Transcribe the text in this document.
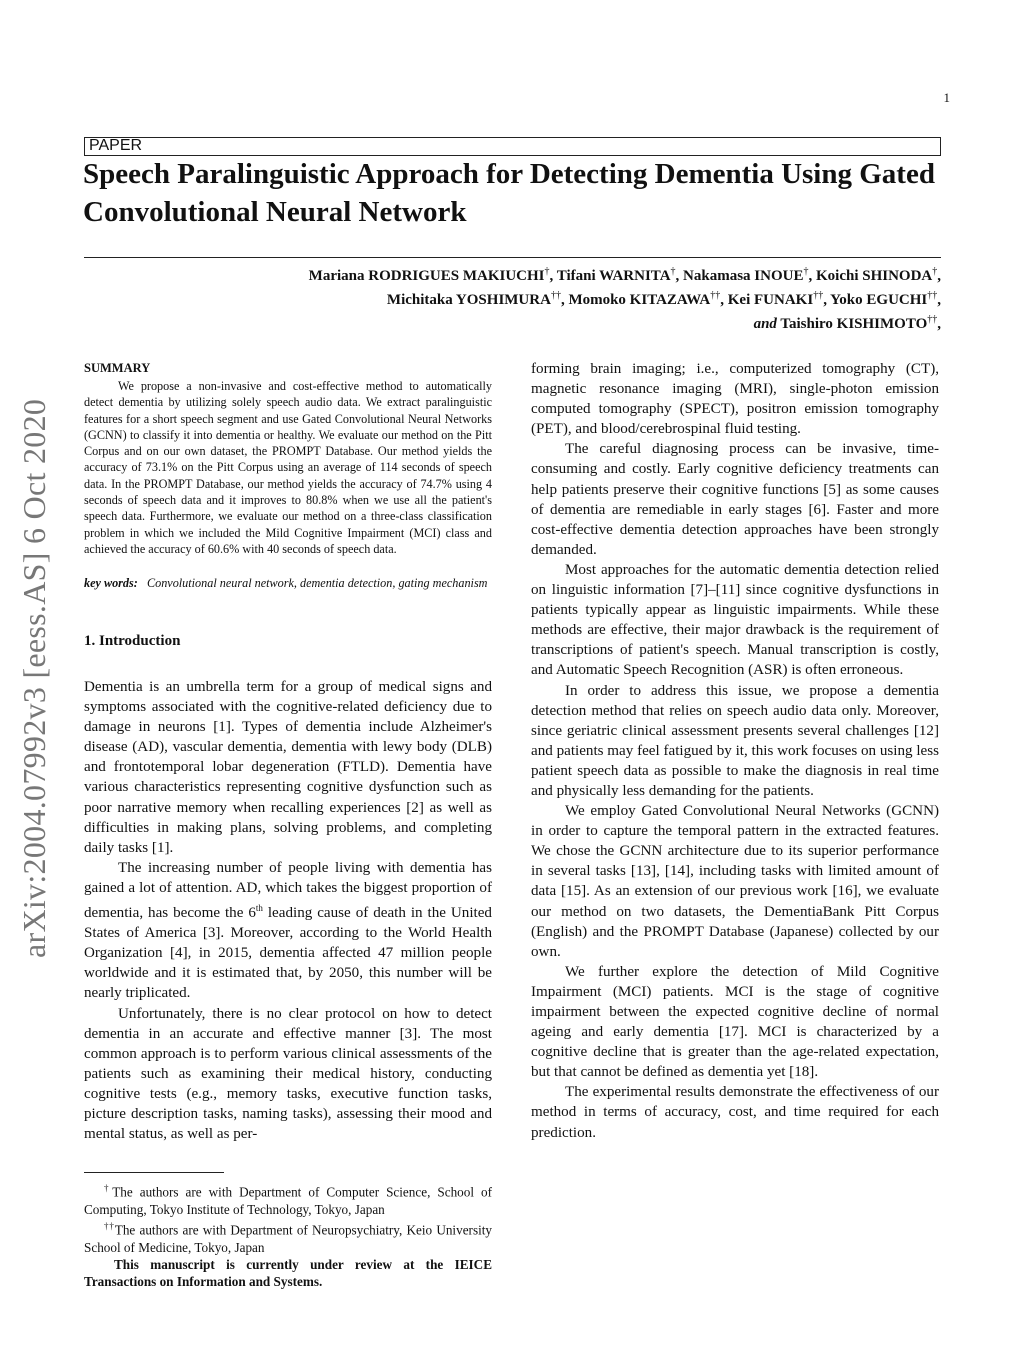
1
PAPER
Speech Paralinguistic Approach for Detecting Dementia Using Gated Convolutional Neural Network
Mariana RODRIGUES MAKIUCHI†, Tifani WARNITA†, Nakamasa INOUE†, Koichi SHINODA†,
Michitaka YOSHIMURA††, Momoko KITAZAWA††, Kei FUNAKI††, Yoko EGUCHI††,
and Taishiro KISHIMOTO††,
arXiv:2004.07992v3 [eess.AS] 6 Oct 2020
SUMMARY

We propose a non-invasive and cost-effective method to automatically detect dementia by utilizing solely speech audio data. We extract paralinguistic features for a short speech segment and use Gated Convolutional Neural Networks (GCNN) to classify it into dementia or healthy. We evaluate our method on the Pitt Corpus and on our own dataset, the PROMPT Database. Our method yields the accuracy of 73.1% on the Pitt Corpus using an average of 114 seconds of speech data. In the PROMPT Database, our method yields the accuracy of 74.7% using 4 seconds of speech data and it improves to 80.8% when we use all the patient's speech data. Furthermore, we evaluate our method on a three-class classification problem in which we included the Mild Cognitive Impairment (MCI) class and achieved the accuracy of 60.6% with 40 seconds of speech data.

key words: Convolutional neural network, dementia detection, gating mechanism
1. Introduction

Dementia is an umbrella term for a group of medical signs and symptoms associated with the cognitive-related deficiency due to damage in neurons [1]. Types of dementia include Alzheimer's disease (AD), vascular dementia, dementia with lewy body (DLB) and frontotemporal lobar degeneration (FTLD). Dementia have various characteristics representing cognitive dysfunction such as poor narrative memory when recalling experiences [2] as well as difficulties in making plans, solving problems, and completing daily tasks [1].

The increasing number of people living with dementia has gained a lot of attention. AD, which takes the biggest proportion of dementia, has become the 6th leading cause of death in the United States of America [3]. Moreover, according to the World Health Organization [4], in 2015, dementia affected 47 million people worldwide and it is estimated that, by 2050, this number will be nearly triplicated.

Unfortunately, there is no clear protocol on how to detect dementia in an accurate and effective manner [3]. The most common approach is to perform various clinical assessments of the patients such as examining their medical history, conducting cognitive tests (e.g., memory tasks, executive function tasks, picture description tasks, naming tasks), assessing their mood and mental status, as well as per-

†The authors are with Department of Computer Science, School of Computing, Tokyo Institute of Technology, Tokyo, Japan

††The authors are with Department of Neuropsychiatry, Keio University School of Medicine, Tokyo, Japan

This manuscript is currently under review at the IEICE Transactions on Information and Systems.

forming brain imaging; i.e., computerized tomography (CT), magnetic resonance imaging (MRI), single-photon emission computed tomography (SPECT), positron emission tomography (PET), and blood/cerebrospinal fluid testing.

The careful diagnosing process can be invasive, time-consuming and costly. Early cognitive deficiency treatments can help patients preserve their cognitive functions [5] as some causes of dementia are remediable in early stages [6]. Faster and more cost-effective dementia detection approaches have been strongly demanded.

Most approaches for the automatic dementia detection relied on linguistic information [7]–[11] since cognitive dysfunctions in patients typically appear as linguistic impairments. While these methods are effective, their major drawback is the requirement of transcriptions of patient's speech. Manual transcription is costly, and Automatic Speech Recognition (ASR) is often erroneous.

In order to address this issue, we propose a dementia detection method that relies on speech audio data only. Moreover, since geriatric clinical assessment presents several challenges [12] and patients may feel fatigued by it, this work focuses on using less patient speech data as possible to make the diagnosis in real time and physically less demanding for the patients.

We employ Gated Convolutional Neural Networks (GCNN) in order to capture the temporal pattern in the extracted features. We chose the GCNN architecture due to its superior performance in several tasks [13], [14], including tasks with limited amount of data [15]. As an extension of our previous work [16], we evaluate our method on two datasets, the DementiaBank Pitt Corpus (English) and the PROMPT Database (Japanese) collected by our own.

We further explore the detection of Mild Cognitive Impairment (MCI) patients. MCI is the stage of cognitive impairment between the expected cognitive decline of normal ageing and early dementia [17]. MCI is characterized by a cognitive decline that is greater than the age-related expectation, but that cannot be defined as dementia yet [18].

The experimental results demonstrate the effectiveness of our method in terms of accuracy, cost, and time required for each prediction.
